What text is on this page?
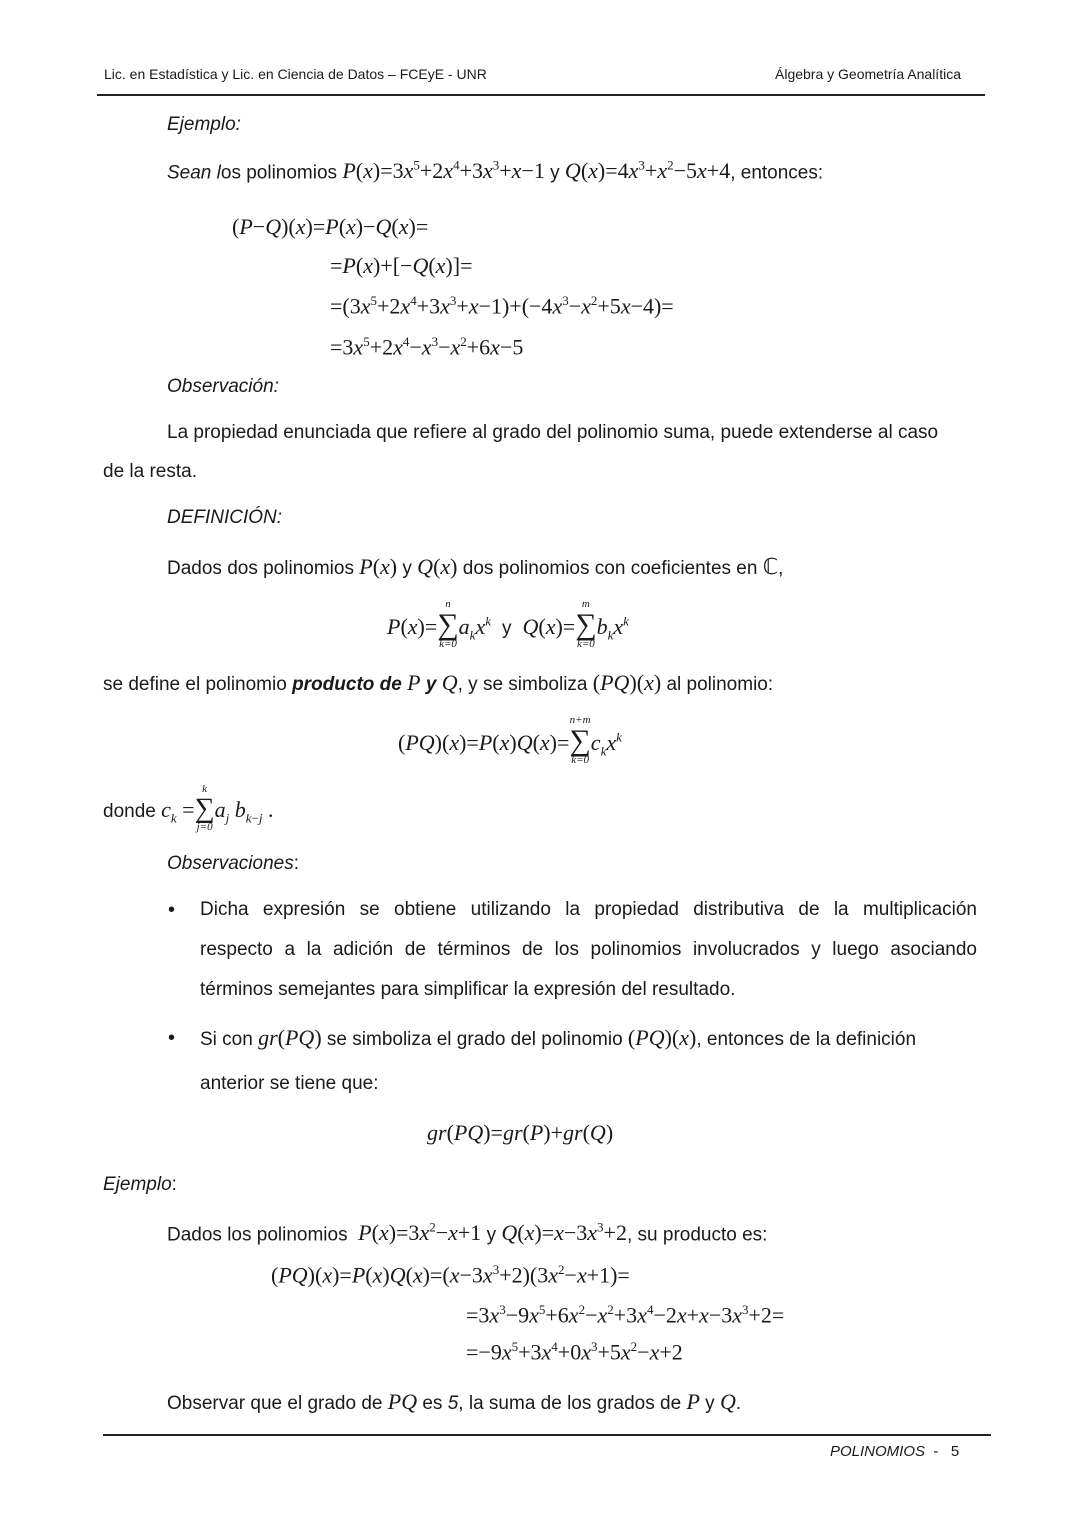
Lic. en Estadística y Lic. en Ciencia de Datos – FCEyE - UNR	Álgebra y Geometría Analítica
Ejemplo:
Sean los polinomios $P(x)=3x^5+2x^4+3x^3+x-1$ y $Q(x)=4x^3+x^2-5x+4$, entonces:
(P−Q)(x)=P(x)−Q(x)=
=P(x)+[−Q(x)]=
$=(3x^5+2x^4+3x^3+x-1)+(-4x^3-x^2+5x-4)=$
$=3x^5+2x^4-x^3-x^2+6x-5$
Observación:
La propiedad enunciada que refiere al grado del polinomio suma, puede extenderse al caso
de la resta.
DEFINICIÓN:
Dados dos polinomios P(x) y Q(x) dos polinomios con coeficientes en ℂ,
P(x)=∑
n
k=0
$a_kx^k$ y Q(x)=∑
m
k=0
$b_kx^k$
se define el polinomio producto de P y Q, y se simboliza (PQ)(x) al polinomio:
(PQ)(x)=P(x)Q(x)=∑
n+m
k=0
$c_kx^k$
donde $c_k$ =∑
k
j=0
$a_j$ $b_{k-j}$ .
Observaciones:
• Dicha expresión se obtiene utilizando la propiedad distributiva de la multiplicación
respecto a la adición de términos de los polinomios involucrados y luego asociando
términos semejantes para simplificar la expresión del resultado.
• Si con gr(PQ) se simboliza el grado del polinomio (PQ)(x), entonces de la definición
anterior se tiene que:
gr(PQ)=gr(P)+gr(Q)
Ejemplo:
Dados los polinomios $P(x)=3x^2-x+1$ y $Q(x)=x-3x^3+2$, su producto es:
$(PQ)(x)=P(x)Q(x)=(x-3x^3+2)(3x^2-x+1)=$
$=3x^3-9x^5+6x^2-x^2+3x^4-2x+x-3x^3+2=$
$=-9x^5+3x^4+0x^3+5x^2-x+2$
Observar que el grado de PQ es 5, la suma de los grados de P y Q.
POLINOMIOS - 5
